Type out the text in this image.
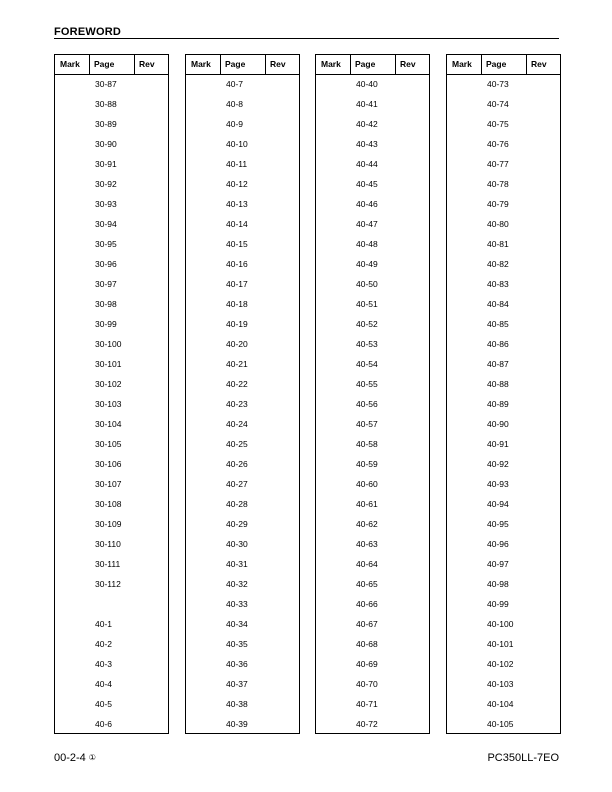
FOREWORD
Mark Page	Rev
30-87
30-88
30-89
30-90
30-91
30-92
30-93
30-94
30-95
30-96
30-97
30-98
30-99
30-100
30-101
30-102
30-103
30-104
30-105
30-106
30-107
30-108
30-109
30-110
30-111
30-112
40-1
40-2
40-3
40-4
40-5
40-6
Mark Page	Rev
40-7
40-8
40-9
40-10
40-11
40-12
40-13
40-14
40-15
40-16
40-17
40-18
40-19
40-20
40-21
40-22
40-23
40-24
40-25
40-26
40-27
40-28
40-29
40-30
40-31
40-32
40-33
40-34
40-35
40-36
40-37
40-38
40-39
Mark Page	Rev
40-40
40-41
40-42
40-43
40-44
40-45
40-46
40-47
40-48
40-49
40-50
40-51
40-52
40-53
40-54
40-55
40-56
40-57
40-58
40-59
40-60
40-61
40-62
40-63
40-64
40-65
40-66
40-67
40-68
40-69
40-70
40-71
40-72
Mark Page	Rev
40-73
40-74
40-75
40-76
40-77
40-78
40-79
40-80
40-81
40-82
40-83
40-84
40-85
40-86
40-87
40-88
40-89
40-90
40-91
40-92
40-93
40-94
40-95
40-96
40-97
40-98
40-99
40-100
40-101
40-102
40-103
40-104
40-105
00-2-4 ①	PC350LL-7EO
